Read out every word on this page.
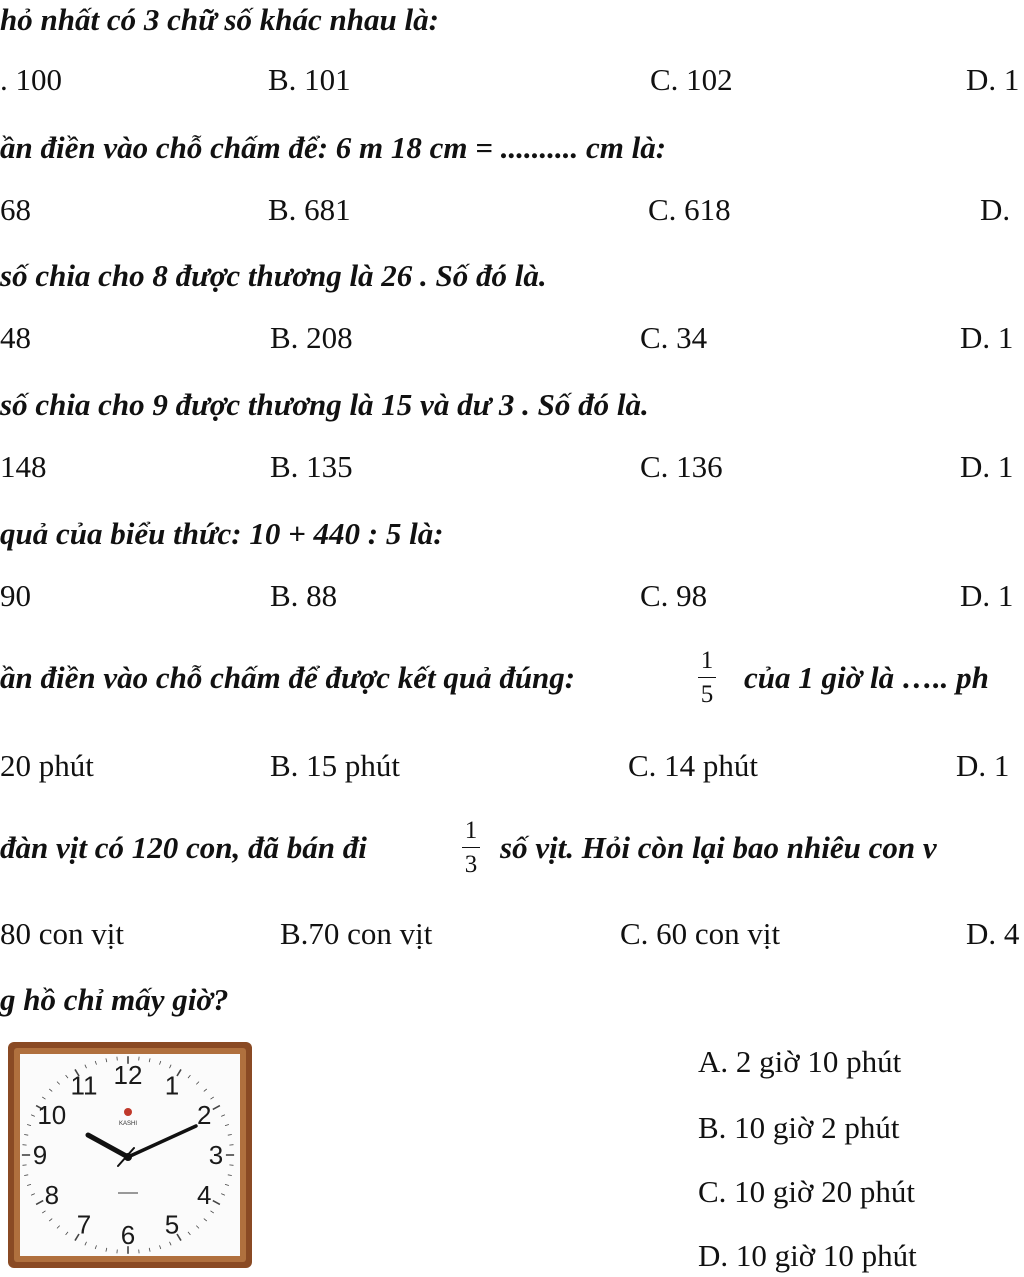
hỏ nhất có 3 chữ số khác nhau là:
. 100	B. 101	C. 102	D. 1
ần điền vào chỗ chấm để: 6 m 18 cm = .......... cm là:
68	B. 681	C. 618	D.
số chia cho 8 được thương là 26 . Số đó là.
48	B. 208	C. 34	D. 1
số chia cho 9 được thương là 15 và dư 3 . Số đó là.
148	B. 135	C. 136	D. 1
quả của biểu thức: 10 + 440 : 5 là:
90	B. 88	C. 98	D. 1
ần điền vào chỗ chấm để được kết quả đúng:	1
5 của 1 giờ là ….. ph
20 phút	B. 15 phút	C. 14 phút	D. 1
đàn vịt có 120 con, đã bán đi	1
3 số vịt. Hỏi còn lại bao nhiêu con v
80 con vịt	B.70 con vịt	C. 60 con vịt	D. 4
g hồ chỉ mấy giờ?
12 1
2
3
4
5
6
7
8
9
10
11
KASHI
A. 2 giờ 10 phút
B. 10 giờ 2 phút
C. 10 giờ 20 phút
D. 10 giờ 10 phút
